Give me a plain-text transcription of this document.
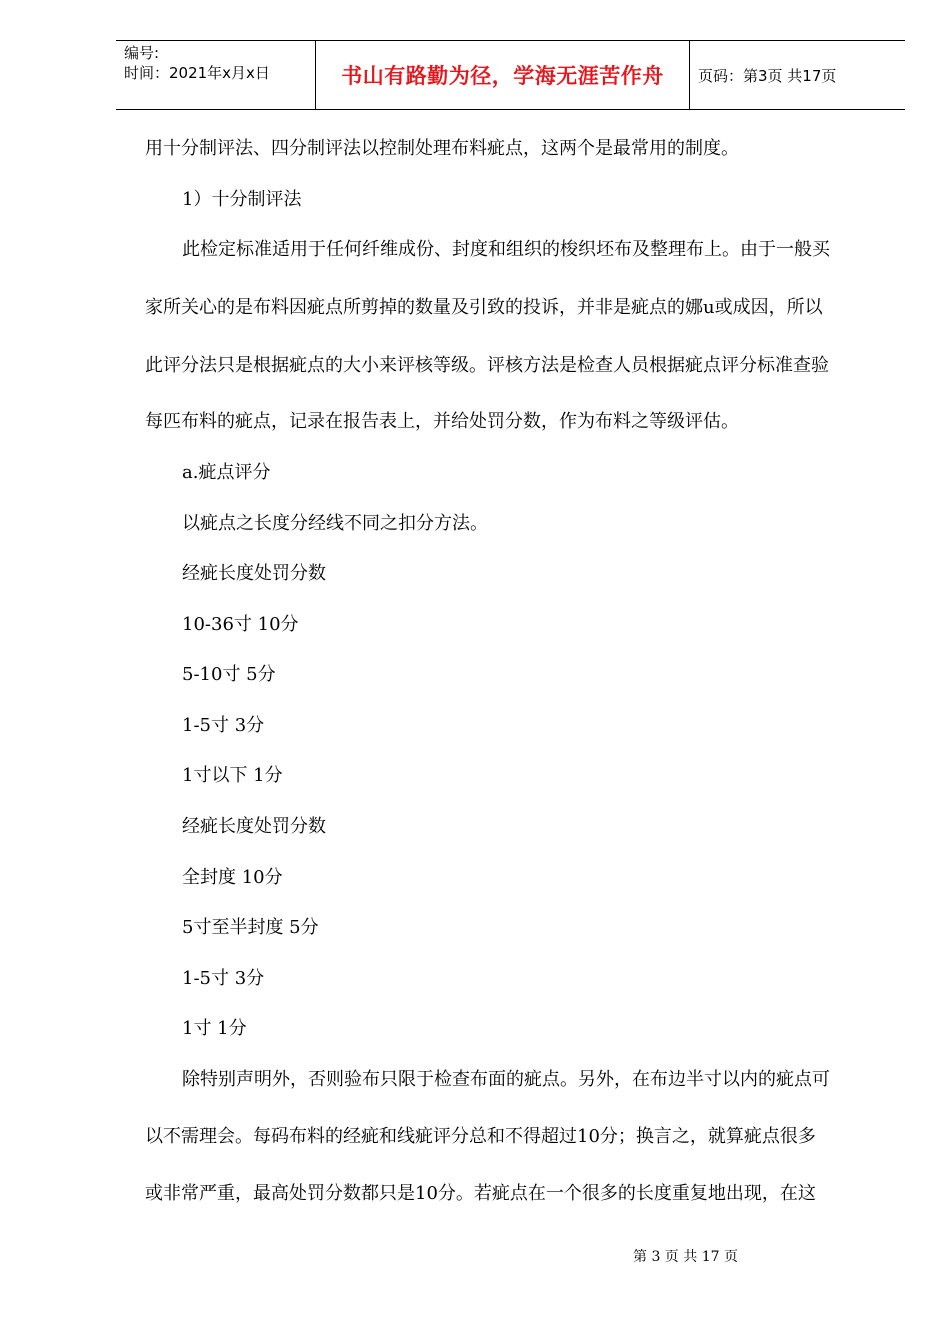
编号:
时间：2021年x月x日	书山有路勤为径，学海无涯苦作舟 页码：第3页 共17页
用十分制评法、四分制评法以控制处理布料疵点，这两个是最常用的制度。
1）十分制评法
此检定标准适用于任何纤维成份、封度和组织的梭织坯布及整理布上。由于一般买
家所关心的是布料因疵点所剪掉的数量及引致的投诉，并非是疵点的娜u或成因，所以
此评分法只是根据疵点的大小来评核等级。评核方法是检查人员根据疵点评分标准查验
每匹布料的疵点，记录在报告表上，并给处罚分数，作为布料之等级评估。
a.疵点评分
以疵点之长度分经线不同之扣分方法。
经疵长度处罚分数
10-36寸 10分
5-10寸 5分
1-5寸 3分
1寸以下 1分
经疵长度处罚分数
全封度 10分
5寸至半封度 5分
1-5寸 3分
1寸 1分
除特别声明外，否则验布只限于检查布面的疵点。另外，在布边半寸以内的疵点可
以不需理会。每码布料的经疵和线疵评分总和不得超过10分；换言之，就算疵点很多
或非常严重，最高处罚分数都只是10分。若疵点在一个很多的长度重复地出现，在这
第 3 页 共 17 页
